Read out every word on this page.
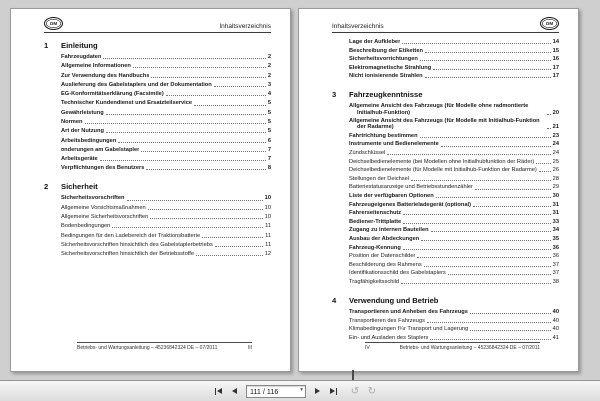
OM	Inhaltsverzeichnis
1	Einleitung
Fahrzeugdaten	2
Allgemeine Informationen	2
Zur Verwendung des Handbuchs	2
Auslieferung des Gabelstaplers und der Dokumentation	3
EG-Konformitätserklärung (Facsimile)	4
Technischer Kundendienst und Ersatzteilservice	5
Gewährleistung	5
Normen	5
Art der Nutzung	5
Arbeitsbedingungen	6
¤nderungen am Gabelstapler	7
Arbeitsgeräte	7
Verpflichtungen des Benutzers	8
2	Sicherheit
Sicherheitsvorschriften	10
Allgemeine Vorsichtsmaßnahmen	10
Allgemeine Sicherheitsvorschriften	10
Bodenbedingungen	11
Bedingungen für den Ladebereich der Traktionsbatterie	11
Sicherheitsvorschriften hinsichtlich des Gabelstaplerbetriebs	11
Sicherheitsvorschriften hinsichtlich der Betriebsstoffe	12
Betriebs- und Wartungsanleitung – 45236842324 DE – 07/2011	III
Inhaltsverzeichnis	OM
Lage der Aufkleber	14
Beschreibung der Etiketten	15
Sicherheitsvorrichtungen	16
Elektromagnetische Strahlung	17
Nicht ionisierende Strahlen	17
3	Fahrzeugkenntnisse
Allgemeine Ansicht des Fahrzeugs (für Modelle ohne radmontierte Initialhub-Funktion)	20
Allgemeine Ansicht des Fahrzeugs (für Modelle mit Initialhub-Funktion der Radarme)	21
Fahrtrichtung bestimmen	23
Instrumente und Bedienelemente	24
Zündschlüssel	24
Deichselbedienelemente (bei Modellen ohne Initialhubfunktion der Räder)	25
Deichselbedienelemente (für Modelle mit Initialhub-Funktion der Radarme)	26
Stellungen der Deichsel	28
Batteriestatusanzeige und Betriebsstundenzähler	29
Liste der verfügbaren Optionen	30
Fahrzeugeigenes Batterieladegerät (optional)	31
Fahrerseitenschutz	31
Bediener-Trittplatte	33
Zugang zu internen Bauteilen	34
Ausbau der Abdeckungen	35
Fahrzeug-Kennung	36
Position der Datenschilder	36
Beschilderung des Rahmens	37
Identifikationsschild des Gabelstaplers	37
Tragfähigkeitsschild	38
4	Verwendung und Betrieb
Transportieren und Anheben des Fahrzeugs	40
Transportieren des Fahrzeugs	40
Klimabedingungen f¼r Transport und Lagerung	40
Ein- und Ausladen des Staplers	41
IV	Betriebs- und Wartungsanleitung – 45236842324 DE – 07/2011
111 / 116	▾	↺ ↻
